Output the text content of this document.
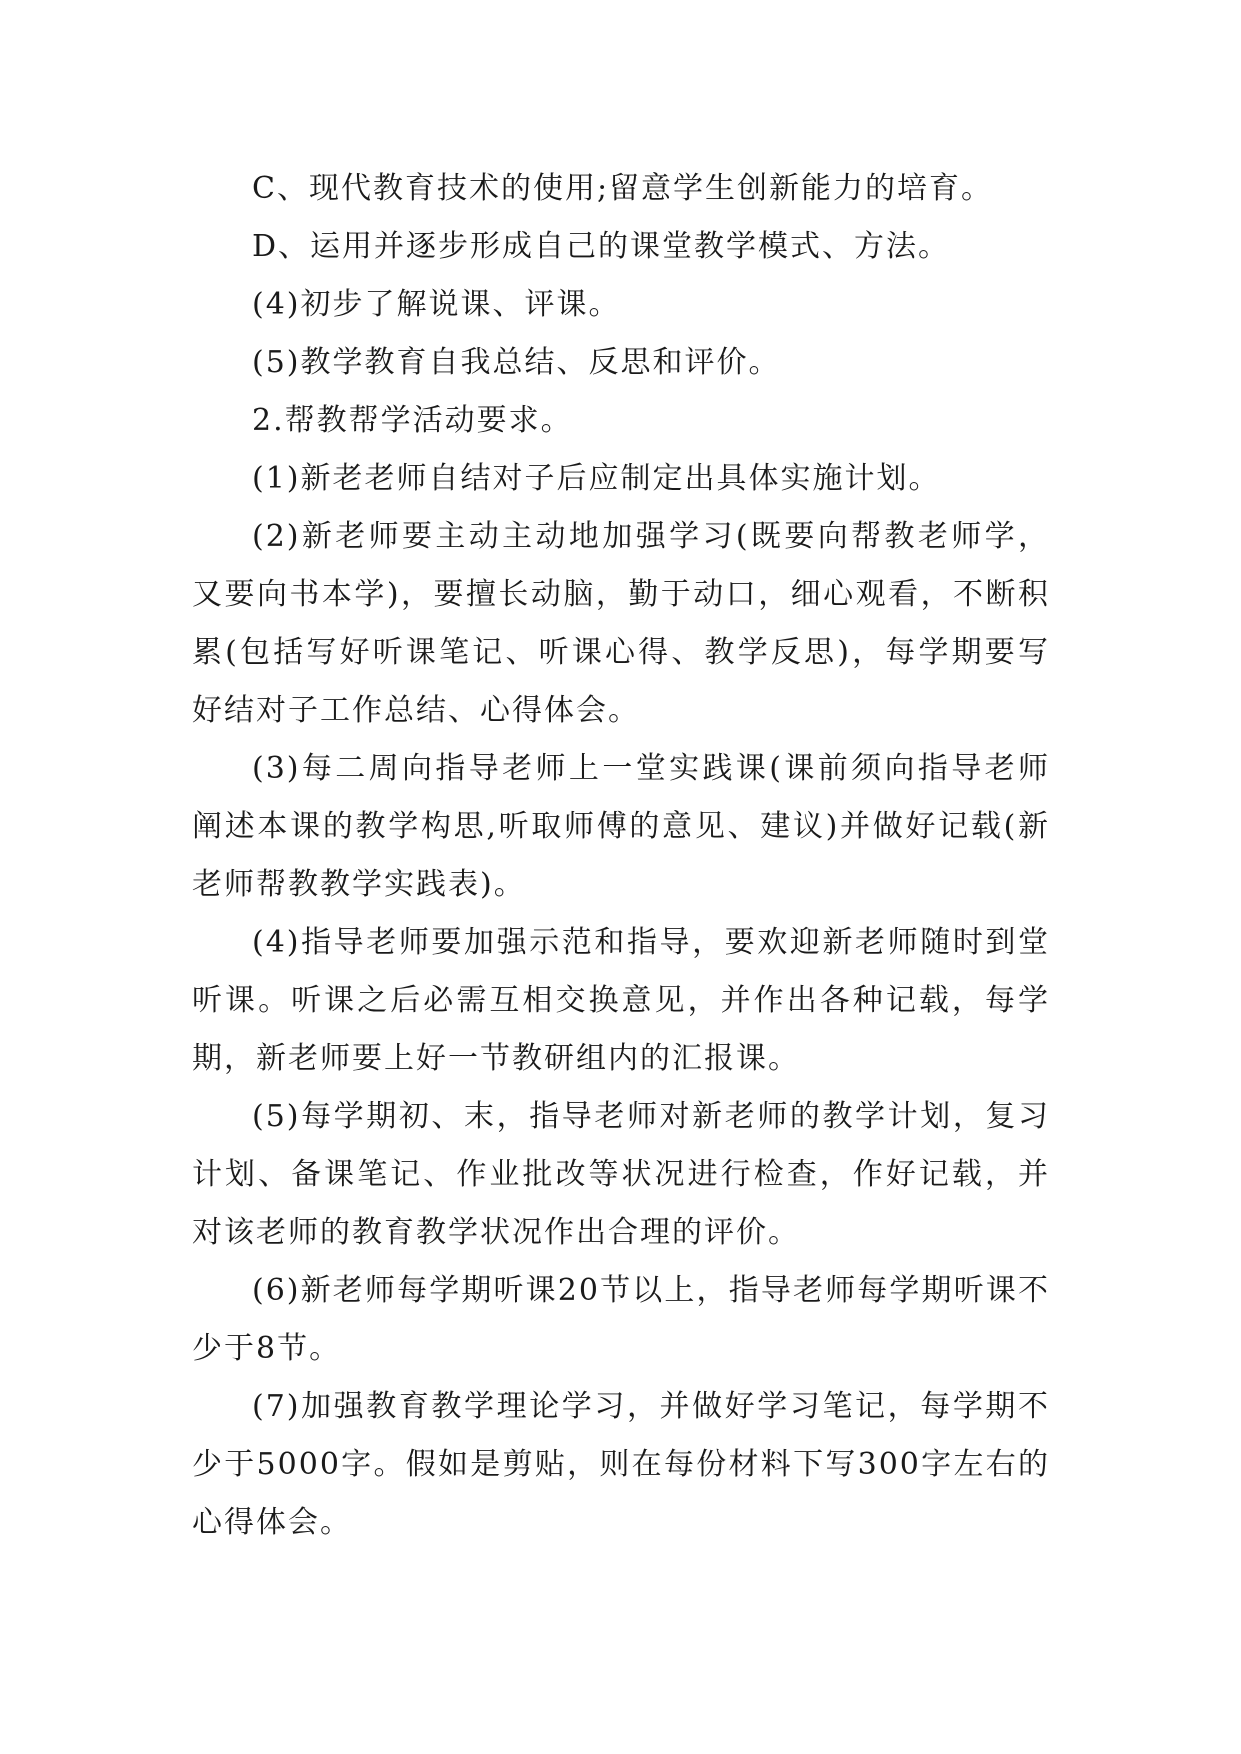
C、现代教育技术的使用;留意学生创新能力的培育。

D、运用并逐步形成自己的课堂教学模式、方法。

(4)初步了解说课、评课。

(5)教学教育自我总结、反思和评价。

2.帮教帮学活动要求。

(1)新老老师自结对子后应制定出具体实施计划。

(2)新老师要主动主动地加强学习(既要向帮教老师学，又要向书本学)，要擅长动脑，勤于动口，细心观看，不断积累(包括写好听课笔记、听课心得、教学反思)，每学期要写好结对子工作总结、心得体会。

(3)每二周向指导老师上一堂实践课(课前须向指导老师阐述本课的教学构思,听取师傅的意见、建议)并做好记载(新老师帮教教学实践表)。

(4)指导老师要加强示范和指导，要欢迎新老师随时到堂听课。听课之后必需互相交换意见，并作出各种记载，每学期，新老师要上好一节教研组内的汇报课。

(5)每学期初、末，指导老师对新老师的教学计划，复习计划、备课笔记、作业批改等状况进行检查，作好记载，并对该老师的教育教学状况作出合理的评价。

(6)新老师每学期听课20节以上，指导老师每学期听课不少于8节。

(7)加强教育教学理论学习，并做好学习笔记，每学期不少于5000字。假如是剪贴，则在每份材料下写300字左右的心得体会。
